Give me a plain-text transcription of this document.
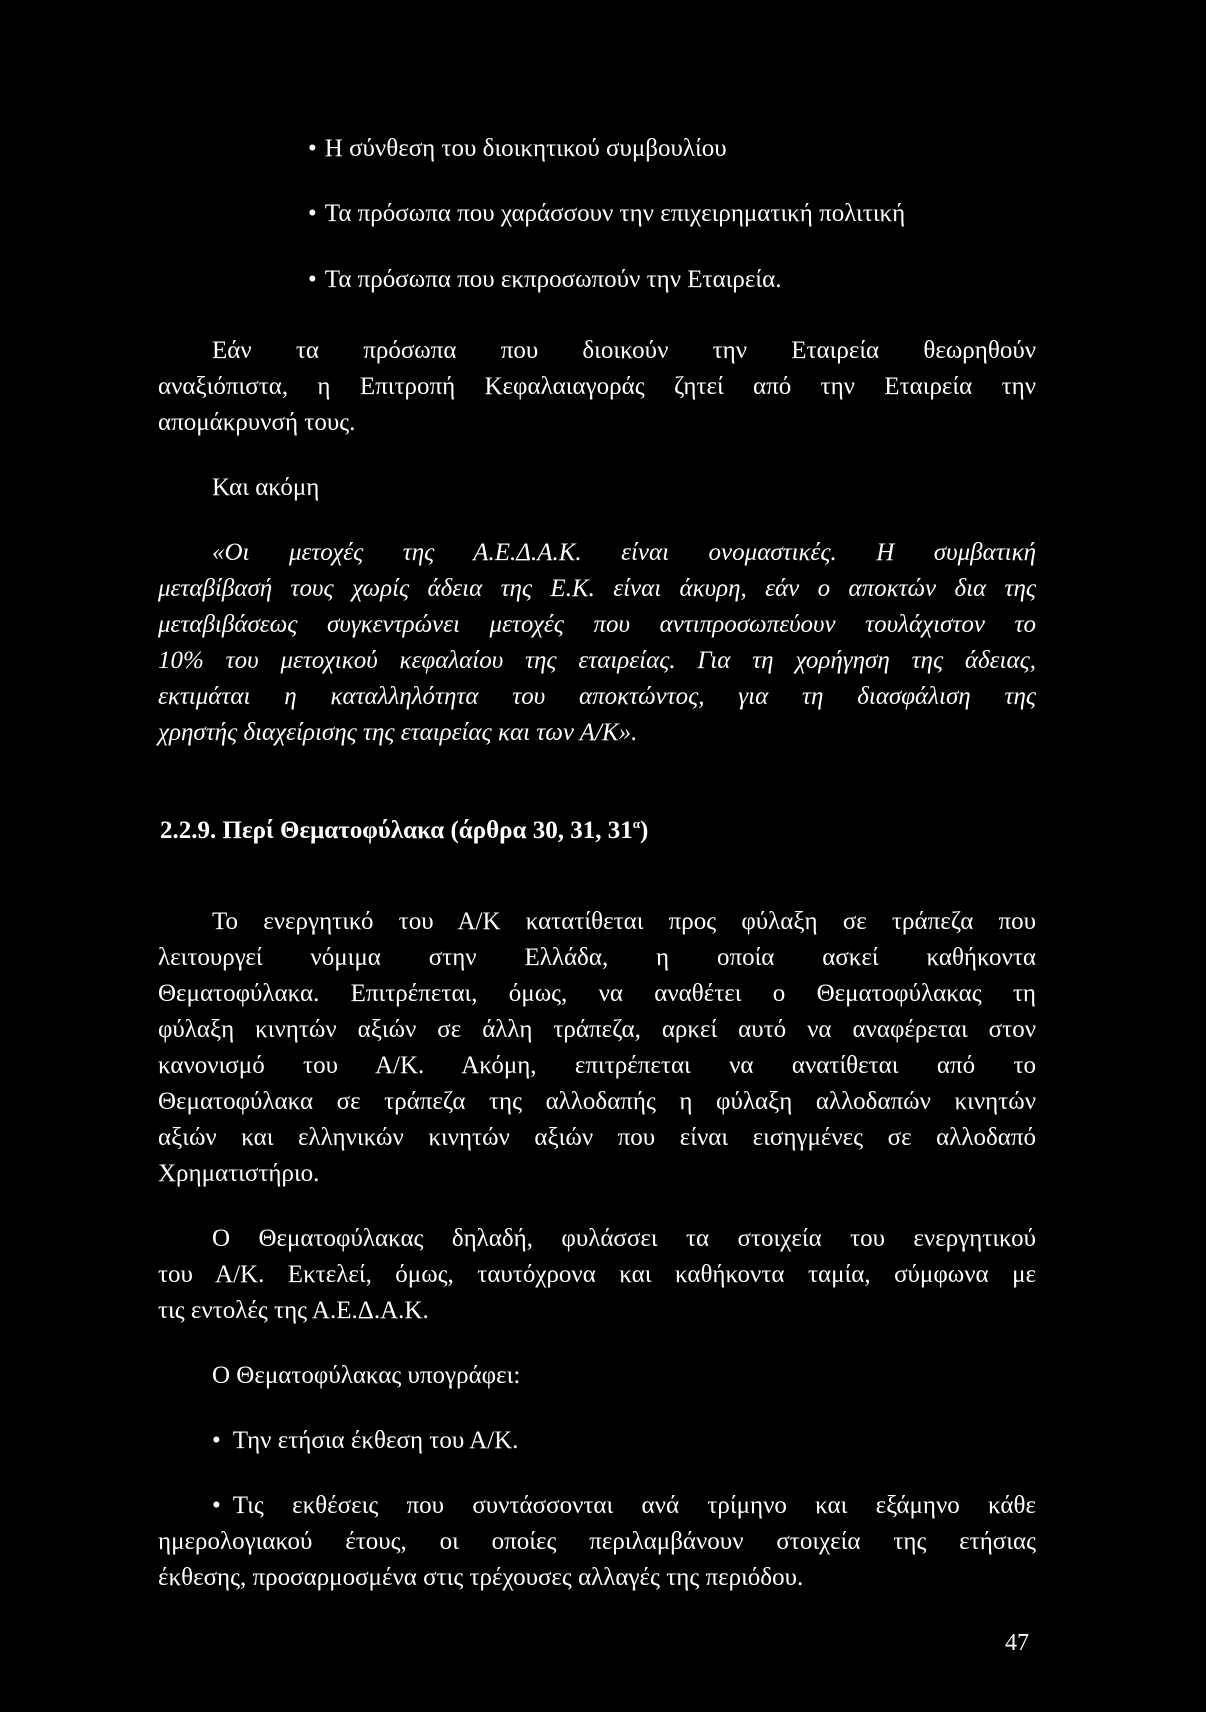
• Η σύνθεση του διοικητικού συμβουλίου
• Τα πρόσωπα που χαράσσουν την επιχειρηματική πολιτική
• Τα πρόσωπα που εκπροσωπούν την Εταιρεία.
Εάν τα πρόσωπα που διοικούν την Εταιρεία θεωρηθούν
αναξιόπιστα, η Επιτροπή Κεφαλαιαγοράς ζητεί από την Εταιρεία την
απομάκρυνσή τους.
Και ακόμη
«Οι μετοχές της Α.Ε.Δ.Α.Κ. είναι ονομαστικές. Η συμβατική
μεταβίβασή τους χωρίς άδεια της Ε.Κ. είναι άκυρη, εάν ο αποκτών δια της
μεταβιβάσεως συγκεντρώνει μετοχές που αντιπροσωπεύουν τουλάχιστον το
10% του μετοχικού κεφαλαίου της εταιρείας. Για τη χορήγηση της άδειας,
εκτιμάται η καταλληλότητα του αποκτώντος, για τη διασφάλιση της
χρηστής διαχείρισης της εταιρείας και των Α/Κ».
2.2.9. Περί Θεματοφύλακα (άρθρα 30, 31, $31^\alpha$)
Το ενεργητικό του Α/Κ κατατίθεται προς φύλαξη σε τράπεζα που
λειτουργεί νόμιμα στην Ελλάδα, η οποία ασκεί καθήκοντα
Θεματοφύλακα. Επιτρέπεται, όμως, να αναθέτει ο Θεματοφύλακας τη
φύλαξη κινητών αξιών σε άλλη τράπεζα, αρκεί αυτό να αναφέρεται στον
κανονισμό του Α/Κ. Ακόμη, επιτρέπεται να ανατίθεται από το
Θεματοφύλακα σε τράπεζα της αλλοδαπής η φύλαξη αλλοδαπών κινητών
αξιών και ελληνικών κινητών αξιών που είναι εισηγμένες σε αλλοδαπό
Χρηματιστήριο.
Ο Θεματοφύλακας δηλαδή, φυλάσσει τα στοιχεία του ενεργητικού
του Α/Κ. Εκτελεί, όμως, ταυτόχρονα και καθήκοντα ταμία, σύμφωνα με
τις εντολές της Α.Ε.Δ.Α.Κ.
Ο Θεματοφύλακας υπογράφει:
• Την ετήσια έκθεση του Α/Κ.
• Τις εκθέσεις που συντάσσονται ανά τρίμηνο και εξάμηνο κάθε
ημερολογιακού έτους, οι οποίες περιλαμβάνουν στοιχεία της ετήσιας
έκθεσης, προσαρμοσμένα στις τρέχουσες αλλαγές της περιόδου.
47
